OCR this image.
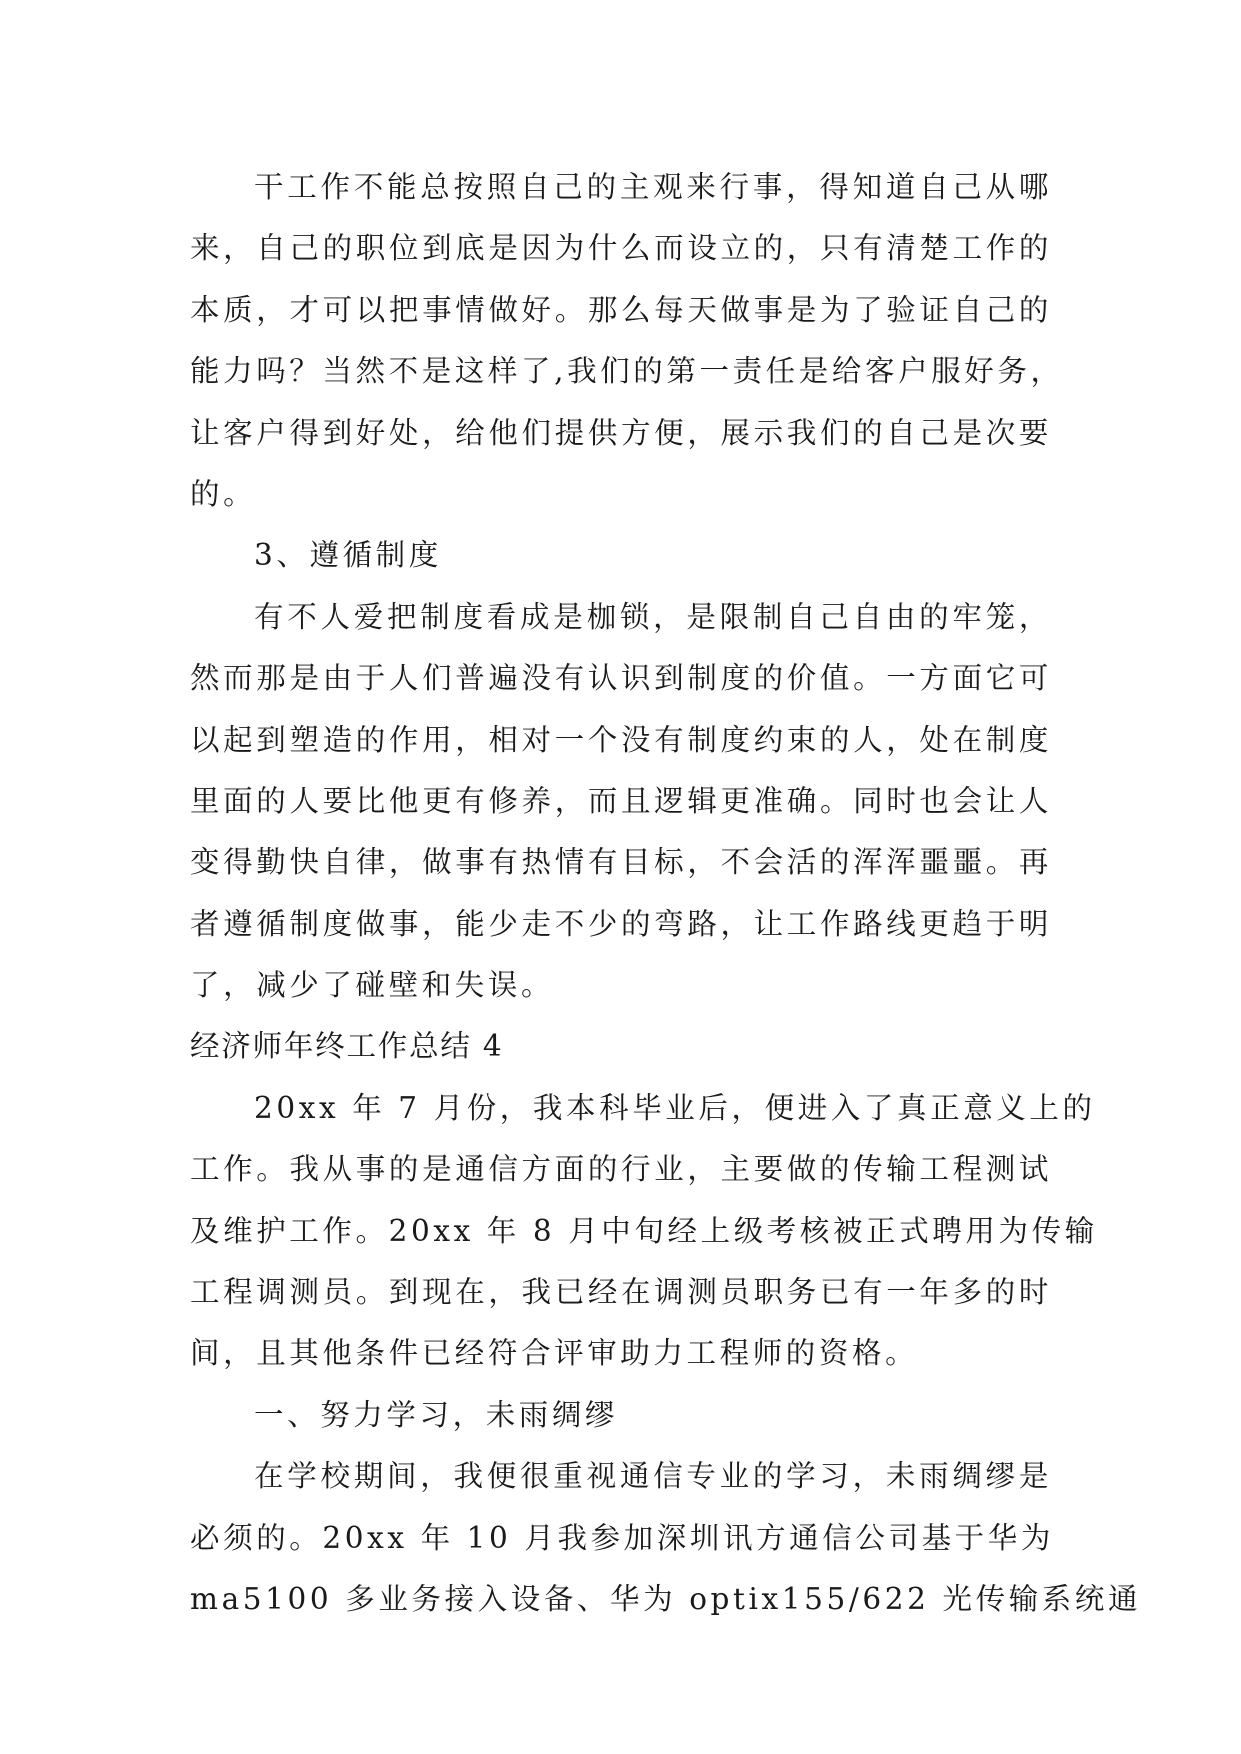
干工作不能总按照自己的主观来行事，得知道自己从哪
来，自己的职位到底是因为什么而设立的，只有清楚工作的
本质，才可以把事情做好。那么每天做事是为了验证自己的
能力吗？当然不是这样了,我们的第一责任是给客户服好务，
让客户得到好处，给他们提供方便，展示我们的自己是次要
的。
3、遵循制度
有不人爱把制度看成是枷锁，是限制自己自由的牢笼，
然而那是由于人们普遍没有认识到制度的价值。一方面它可
以起到塑造的作用，相对一个没有制度约束的人，处在制度
里面的人要比他更有修养，而且逻辑更准确。同时也会让人
变得勤快自律，做事有热情有目标，不会活的浑浑噩噩。再
者遵循制度做事，能少走不少的弯路，让工作路线更趋于明
了，减少了碰壁和失误。
经济师年终工作总结 4
20xx 年 7 月份，我本科毕业后，便进入了真正意义上的
工作。我从事的是通信方面的行业，主要做的传输工程测试
及维护工作。20xx 年 8 月中旬经上级考核被正式聘用为传输
工程调测员。到现在，我已经在调测员职务已有一年多的时
间，且其他条件已经符合评审助力工程师的资格。
一、努力学习，未雨绸缪
在学校期间，我便很重视通信专业的学习，未雨绸缪是
必须的。20xx 年 10 月我参加深圳讯方通信公司基于华为
ma5100 多业务接入设备、华为 optix155/622 光传输系统通
